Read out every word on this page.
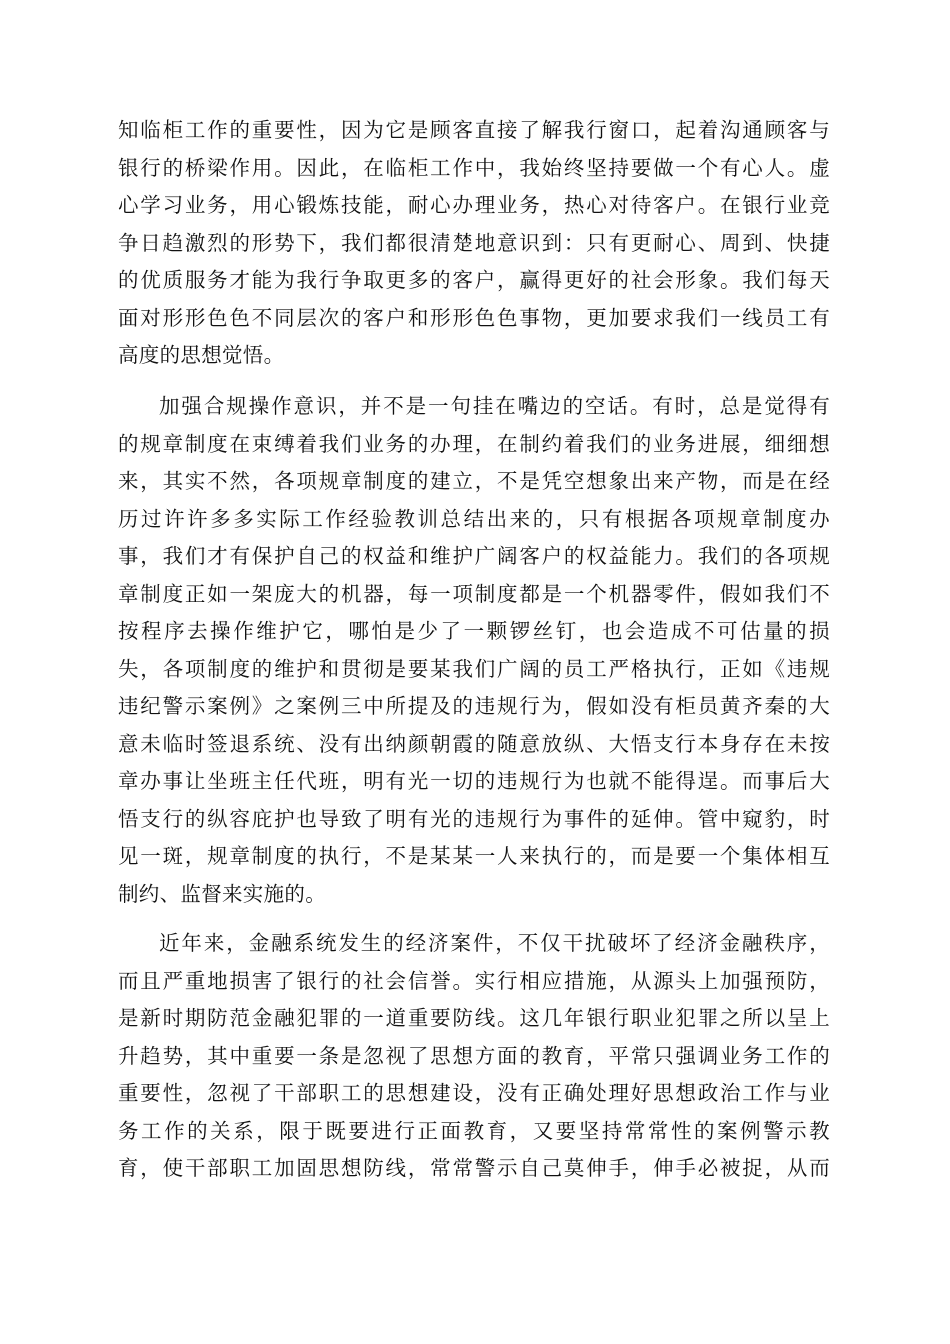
知临柜工作的重要性，因为它是顾客直接了解我行窗口，起着沟通顾客与
银行的桥梁作用。因此，在临柜工作中，我始终坚持要做一个有心人。虚
心学习业务，用心锻炼技能，耐心办理业务，热心对待客户。在银行业竞
争日趋激烈的形势下，我们都很清楚地意识到：只有更耐心、周到、快捷
的优质服务才能为我行争取更多的客户，赢得更好的社会形象。我们每天
面对形形色色不同层次的客户和形形色色事物，更加要求我们一线员工有
高度的思想觉悟。
加强合规操作意识，并不是一句挂在嘴边的空话。有时，总是觉得有
的规章制度在束缚着我们业务的办理，在制约着我们的业务进展，细细想
来，其实不然，各项规章制度的建立，不是凭空想象出来产物，而是在经
历过许许多多实际工作经验教训总结出来的，只有根据各项规章制度办
事，我们才有保护自己的权益和维护广阔客户的权益能力。我们的各项规
章制度正如一架庞大的机器，每一项制度都是一个机器零件，假如我们不
按程序去操作维护它，哪怕是少了一颗锣丝钉，也会造成不可估量的损
失，各项制度的维护和贯彻是要某我们广阔的员工严格执行，正如《违规
违纪警示案例》之案例三中所提及的违规行为，假如没有柜员黄齐秦的大
意未临时签退系统、没有出纳颜朝霞的随意放纵、大悟支行本身存在未按
章办事让坐班主任代班，明有光一切的违规行为也就不能得逞。而事后大
悟支行的纵容庇护也导致了明有光的违规行为事件的延伸。管中窥豹，时
见一斑，规章制度的执行，不是某某一人来执行的，而是要一个集体相互
制约、监督来实施的。
近年来，金融系统发生的经济案件，不仅干扰破坏了经济金融秩序，
而且严重地损害了银行的社会信誉。实行相应措施，从源头上加强预防，
是新时期防范金融犯罪的一道重要防线。这几年银行职业犯罪之所以呈上
升趋势，其中重要一条是忽视了思想方面的教育，平常只强调业务工作的
重要性，忽视了干部职工的思想建设，没有正确处理好思想政治工作与业
务工作的关系，限于既要进行正面教育，又要坚持常常性的案例警示教
育，使干部职工加固思想防线，常常警示自己莫伸手，伸手必被捉，从而
